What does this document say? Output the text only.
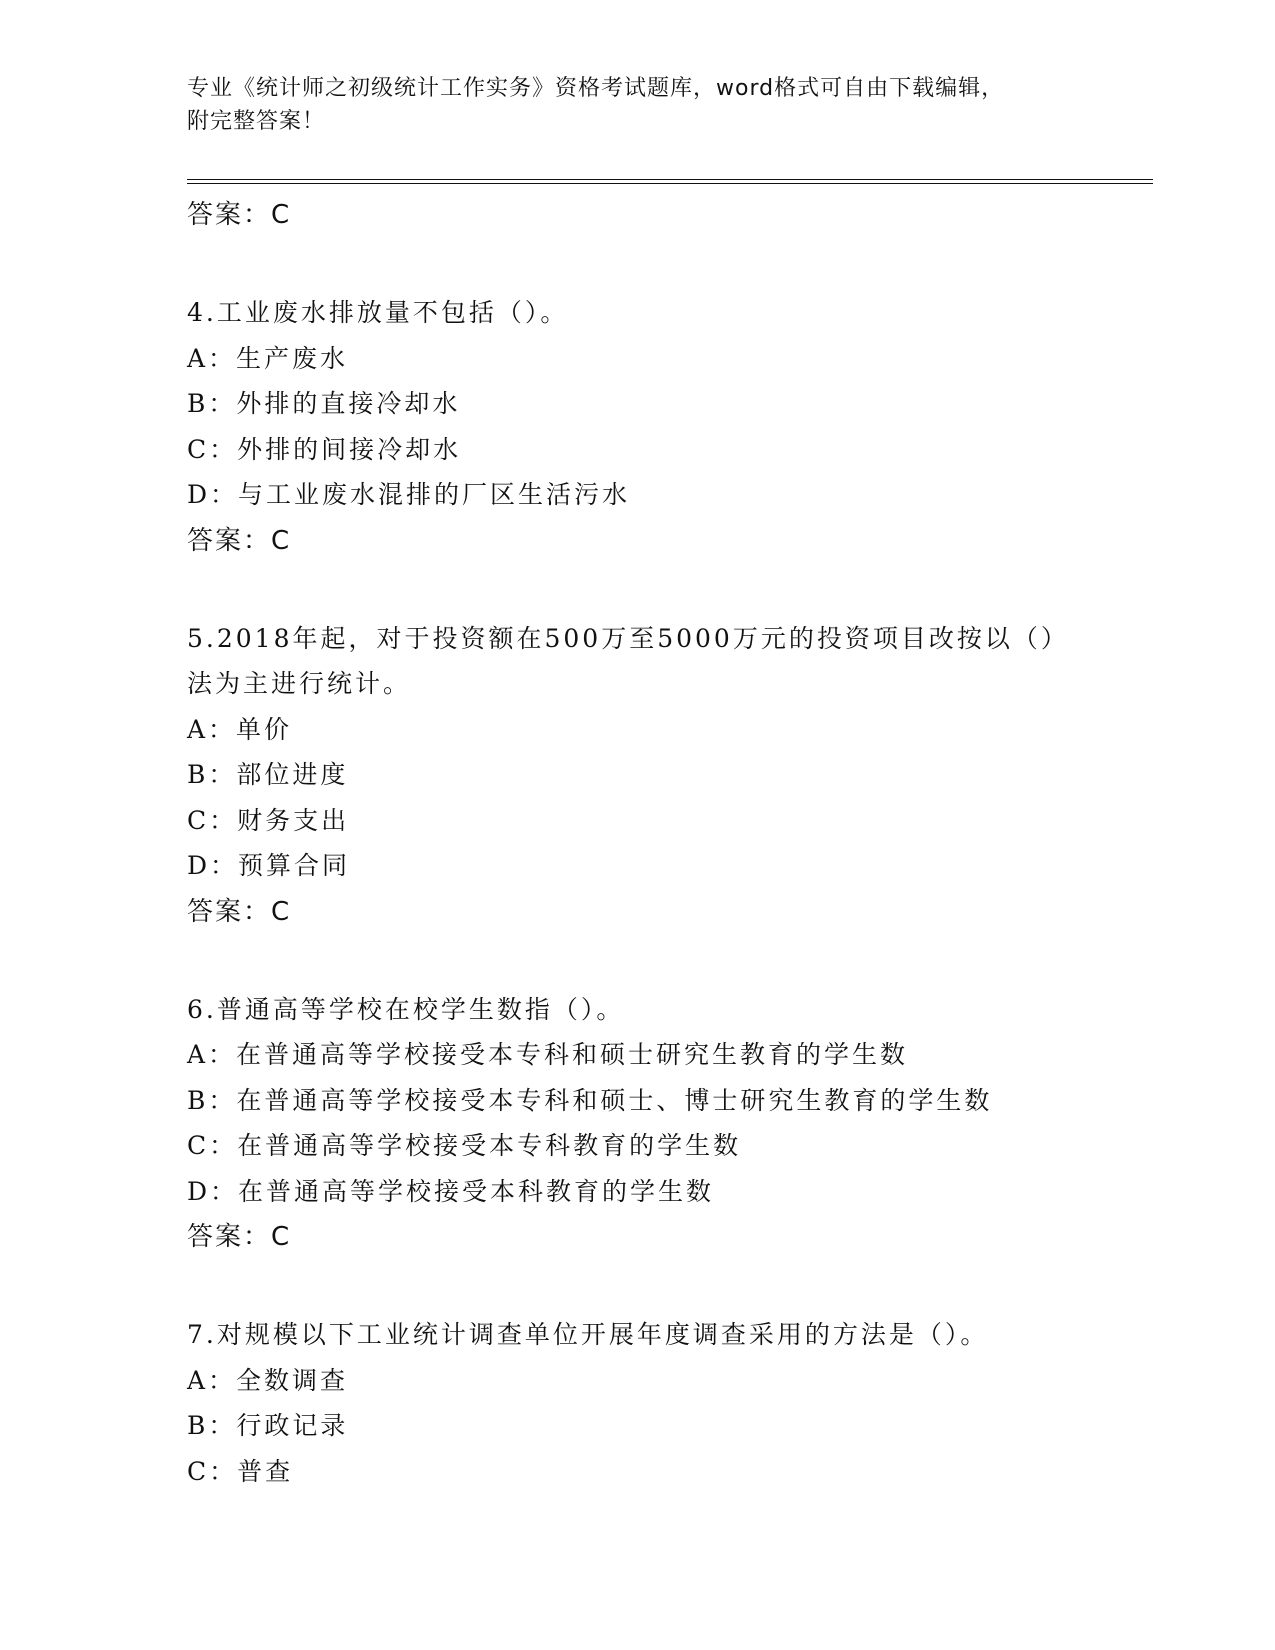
专业《统计师之初级统计工作实务》资格考试题库，word格式可自由下载编辑，
附完整答案！
答案：C
4.工业废水排放量不包括（）。
A：生产废水
B：外排的直接冷却水
C：外排的间接冷却水
D：与工业废水混排的厂区生活污水
答案：C
5.2018年起，对于投资额在500万至5000万元的投资项目改按以（）
法为主进行统计。
A：单价
B：部位进度
C：财务支出
D：预算合同
答案：C
6.普通高等学校在校学生数指（）。
A：在普通高等学校接受本专科和硕士研究生教育的学生数
B：在普通高等学校接受本专科和硕士、博士研究生教育的学生数
C：在普通高等学校接受本专科教育的学生数
D：在普通高等学校接受本科教育的学生数
答案：C
7.对规模以下工业统计调查单位开展年度调查采用的方法是（）。
A：全数调查
B：行政记录
C：普查
